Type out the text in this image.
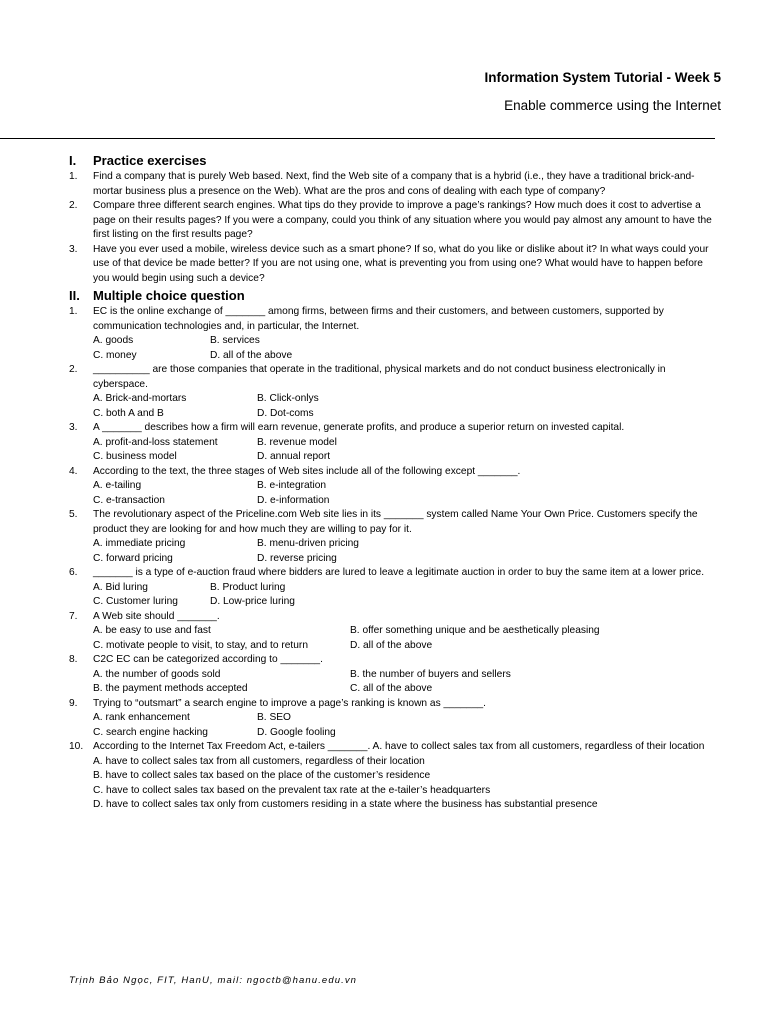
Information System Tutorial - Week 5
Enable commerce using the Internet
I.	Practice exercises
1.	Find a company that is purely Web based. Next, find the Web site of a company that is a hybrid (i.e., they have a traditional brick-and-mortar business plus a presence on the Web). What are the pros and cons of dealing with each type of company?
2.	Compare three different search engines. What tips do they provide to improve a page’s rankings? How much does it cost to advertise a page on their results pages? If you were a company, could you think of any situation where you would pay almost any amount to have the first listing on the first results page?
3.	Have you ever used a mobile, wireless device such as a smart phone? If so, what do you like or dislike about it? In what ways could your use of that device be made better? If you are not using one, what is preventing you from using one? What would have to happen before you would begin using such a device?
II.	Multiple choice question
1.	EC is the online exchange of _______ among firms, between firms and their customers, and between customers, supported by communication technologies and, in particular, the Internet.
A. goods	B. services
C. money	D. all of the above
2.	__________ are those companies that operate in the traditional, physical markets and do not conduct business electronically in cyberspace.
A. Brick-and-mortars	B. Click-onlys
C. both A and B	D. Dot-coms
3.	A _______ describes how a firm will earn revenue, generate profits, and produce a superior return on invested capital.
A. profit-and-loss statement	B. revenue model
C. business model	D. annual report
4.	According to the text, the three stages of Web sites include all of the following except _______.
A. e-tailing	B. e-integration
C. e-transaction	D. e-information
5.	The revolutionary aspect of the Priceline.com Web site lies in its _______ system called Name Your Own Price. Customers specify the product they are looking for and how much they are willing to pay for it.
A. immediate pricing	B. menu-driven pricing
C. forward pricing	D. reverse pricing
6.	_______ is a type of e-auction fraud where bidders are lured to leave a legitimate auction in order to buy the same item at a lower price.
A. Bid luring	B. Product luring
C. Customer luring	D. Low-price luring
7.	A Web site should _______.
A. be easy to use and fast	B. offer something unique and be aesthetically pleasing
C. motivate people to visit, to stay, and to return	D. all of the above
8.	C2C EC can be categorized according to _______.
A. the number of goods sold	B. the number of buyers and sellers
B. the payment methods accepted	C. all of the above
9.	Trying to “outsmart” a search engine to improve a page’s ranking is known as _______.
A. rank enhancement	B. SEO
C. search engine hacking	D. Google fooling
10. According to the Internet Tax Freedom Act, e-tailers _______. A. have to collect sales tax from all customers, regardless of their location
A. have to collect sales tax from all customers, regardless of their location
B. have to collect sales tax based on the place of the customer’s residence
C. have to collect sales tax based on the prevalent tax rate at the e-tailer’s headquarters
D. have to collect sales tax only from customers residing in a state where the business has substantial presence
Trịnh Bảo Ngọc, FIT, HanU, mail: ngoctb@hanu.edu.vn
